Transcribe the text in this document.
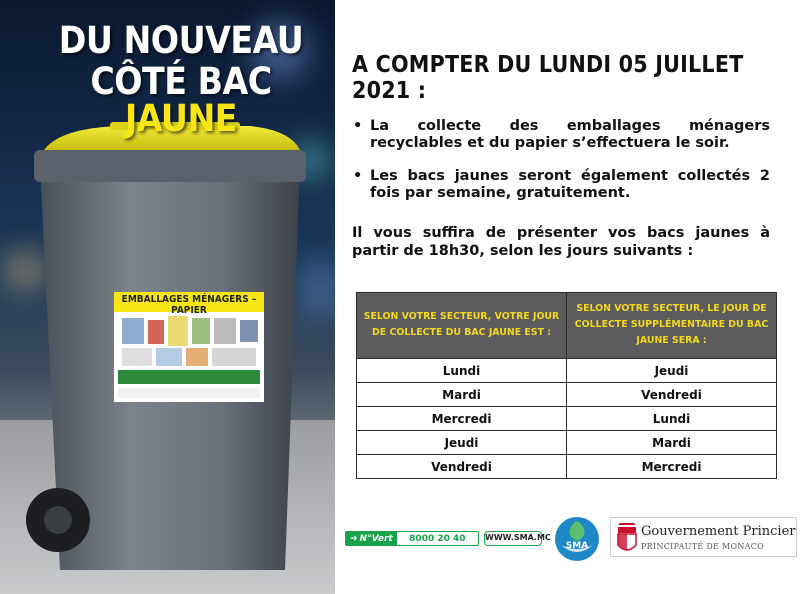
EMBALLAGES MÉNAGERS – PAPIER
DU NOUVEAU
CÔTÉ BAC JAUNE
A COMPTER DU LUNDI 05 JUILLET 2021 :
• La collecte des emballages ménagers recyclables et du papier s’effectuera le soir.
• Les bacs jaunes seront également collectés 2 fois par semaine, gratuitement.

Il vous suffira de présenter vos bacs jaunes à partir de 18h30, selon les jours suivants :

SELON VOTRE SECTEUR, VOTRE JOUR DE COLLECTE DU BAC JAUNE EST :	SELON VOTRE SECTEUR, LE JOUR DE COLLECTE SUPPLÉMENTAIRE DU BAC JAUNE SERA :
Lundi	Jeudi
Mardi	Vendredi
Mercredi	Lundi
Jeudi	Mardi
Vendredi	Mercredi
➜ N°Vert	8000 20 40	WWW.SMA.MC
SMA
Gouvernement Princier
PRINCIPAUTÉ DE MONACO
